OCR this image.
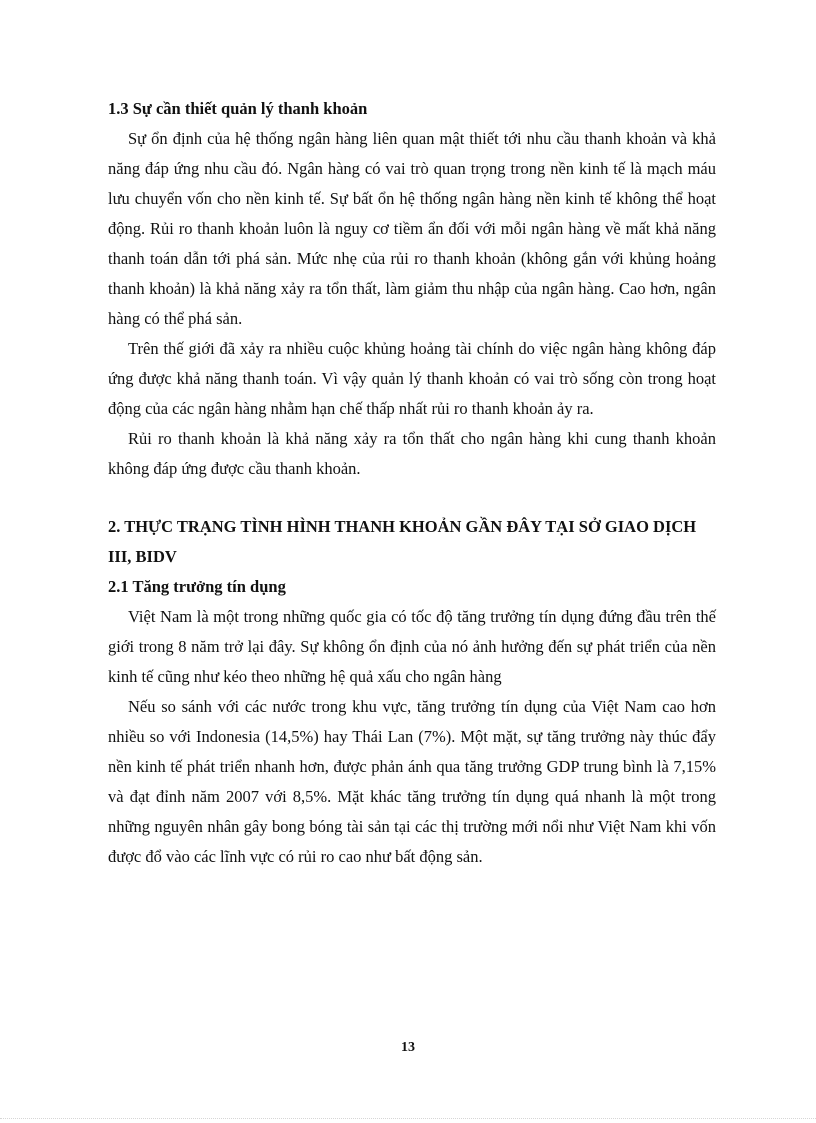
1.3 Sự cần thiết quản lý thanh khoản

Sự ổn định của hệ thống ngân hàng liên quan mật thiết tới nhu cầu thanh khoản và khả năng đáp ứng nhu cầu đó. Ngân hàng có vai trò quan trọng trong nền kinh tế là mạch máu lưu chuyển vốn cho nền kinh tế. Sự bất ổn hệ thống ngân hàng nền kinh tế không thể hoạt động. Rủi ro thanh khoản luôn là nguy cơ tiềm ẩn đối với mỗi ngân hàng về mất khả năng thanh toán dẫn tới phá sản. Mức nhẹ của rủi ro thanh khoản (không gắn với khủng hoảng thanh khoản) là khả năng xảy ra tổn thất, làm giảm thu nhập của ngân hàng. Cao hơn, ngân hàng có thể phá sản.

Trên thế giới đã xảy ra nhiều cuộc khủng hoảng tài chính do việc ngân hàng không đáp ứng được khả năng thanh toán. Vì vậy quản lý thanh khoản có vai trò sống còn trong hoạt động của các ngân hàng nhằm hạn chế thấp nhất rủi ro thanh khoản ảy ra.

Rủi ro thanh khoản là khả năng xảy ra tổn thất cho ngân hàng khi cung thanh khoản không đáp ứng được cầu thanh khoản.

2. THỰC TRẠNG TÌNH HÌNH THANH KHOẢN GẦN ĐÂY TẠI SỞ GIAO DỊCH III, BIDV

2.1 Tăng trưởng tín dụng

Việt Nam là một trong những quốc gia có tốc độ tăng trưởng tín dụng đứng đầu trên thế giới trong 8 năm trở lại đây. Sự không ổn định của nó ảnh hưởng đến sự phát triển của nền kinh tế cũng như kéo theo những hệ quả xấu cho ngân hàng

Nếu so sánh với các nước trong khu vực, tăng trưởng tín dụng của Việt Nam cao hơn nhiều so với Indonesia (14,5%) hay Thái Lan (7%). Một mặt, sự tăng trưởng này thúc đẩy nền kinh tế phát triển nhanh hơn, được phản ánh qua tăng trưởng GDP trung bình là 7,15% và đạt đỉnh năm 2007 với 8,5%. Mặt khác tăng trưởng tín dụng quá nhanh là một trong những nguyên nhân gây bong bóng tài sản tại các thị trường mới nổi như Việt Nam khi vốn được đổ vào các lĩnh vực có rủi ro cao như bất động sản.

13
